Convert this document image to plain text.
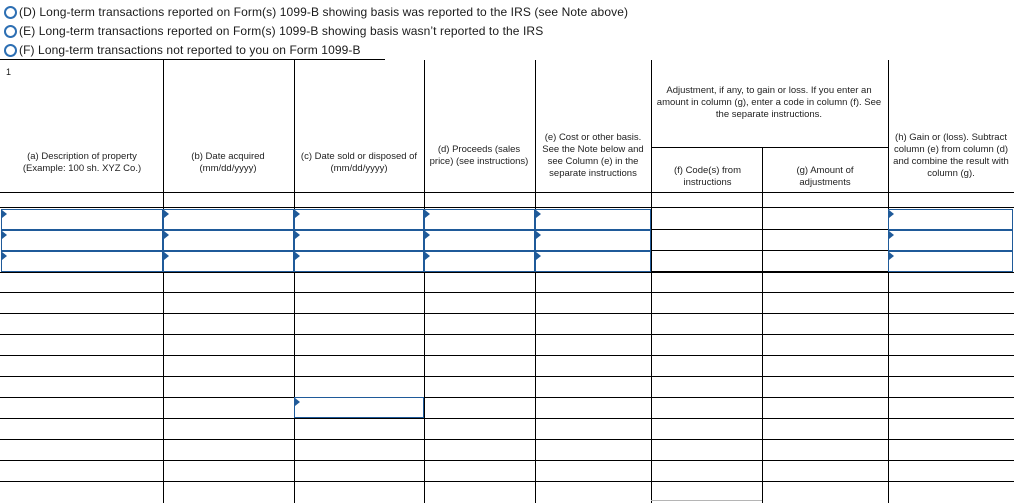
(D) Long-term transactions reported on Form(s) 1099-B showing basis was reported to the IRS (see Note above)
(E) Long-term transactions reported on Form(s) 1099-B showing basis wasn’t reported to the IRS
(F) Long-term transactions not reported to you on Form 1099-B
1
(a) Description of property (Example: 100 sh. XYZ Co.)
(b) Date acquired (mm/dd/yyyy)
(c) Date sold or disposed of (mm/dd/yyyy)
(d) Proceeds (sales price) (see instructions)
(e) Cost or other basis. See the Note below and see Column (e) in the separate instructions
Adjustment, if any, to gain or loss. If you enter an amount in column (g), enter a code in column (f). See the separate instructions.
(f) Code(s) from instructions
(g) Amount of adjustments
(h) Gain or (loss). Subtract column (e) from column (d) and combine the result with column (g).
